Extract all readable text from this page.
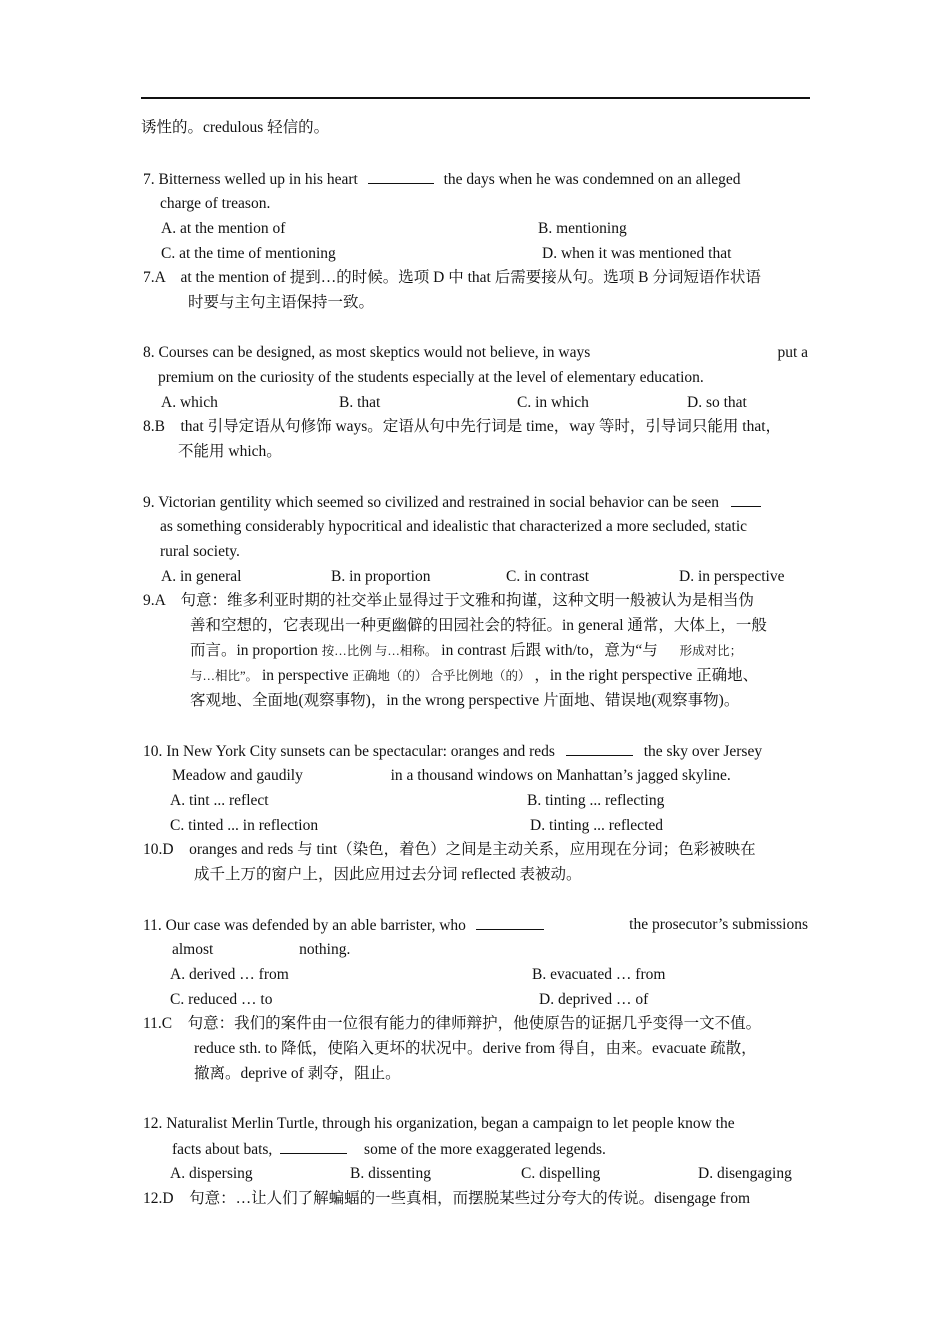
诱性的。credulous 轻信的。
7. Bitterness welled up in his heart	the days when he was condemned on an alleged
charge of treason.
A. at the mention of	B. mentioning
C. at the time of mentioning	D. when it was mentioned that
7.A    at the mention of 提到…的时候。选项 D 中 that 后需要接从句。选项 B 分词短语作状语
时要与主句主语保持一致。
8. Courses can be designed, as most skeptics would not believe, in ways	put a
premium on the curiosity of the students especially at the level of elementary education.
A. which	B. that	C. in which	D. so that
8.B    that 引导定语从句修饰 ways。定语从句中先行词是 time，way 等时，引导词只能用 that，
不能用 which。
9. Victorian gentility which seemed so civilized and restrained in social behavior can be seen
as something considerably hypocritical and idealistic that characterized a more secluded, static
rural society.
A. in general	B. in proportion	C. in contrast	D. in perspective
9.A    句意：维多利亚时期的社交举止显得过于文雅和拘谨，这种文明一般被认为是相当伪
善和空想的，它表现出一种更幽僻的田园社会的特征。in general 通常，大体上，一般
而言。in proportion 按…比例 与…相称。 in contrast 后跟 with/to，意为“与 形成对比；
与…相比”。 in perspective 正确地（的） 合乎比例地（的） ，in the right perspective 正确地、
客观地、全面地(观察事物)，in the wrong perspective 片面地、错误地(观察事物)。
10. In New York City sunsets can be spectacular: oranges and reds	the sky over Jersey
Meadow and gaudily	in a thousand windows on Manhattan’s jagged skyline.
A. tint ... reflect	B. tinting ... reflecting
C. tinted ... in reflection	D. tinting ... reflected
10.D    oranges and reds 与 tint（染色，着色）之间是主动关系，应用现在分词；色彩被映在
成千上万的窗户上，因此应用过去分词 reflected 表被动。
11. Our case was defended by an able barrister, who	the prosecutor’s submissions
almost	nothing.
A. derived … from	B. evacuated … from
C. reduced … to	D. deprived … of
11.C    句意：我们的案件由一位很有能力的律师辩护，他使原告的证据几乎变得一文不值。
reduce sth. to 降低，使陷入更坏的状况中。derive from 得自，由来。evacuate 疏散，
撤离。deprive of 剥夺，阻止。
12. Naturalist Merlin Turtle, through his organization, began a campaign to let people know the
facts about bats,	some of the more exaggerated legends.
A. dispersing	B. dissenting	C. dispelling	D. disengaging
12.D    句意：…让人们了解蝙蝠的一些真相，而摆脱某些过分夸大的传说。disengage from
